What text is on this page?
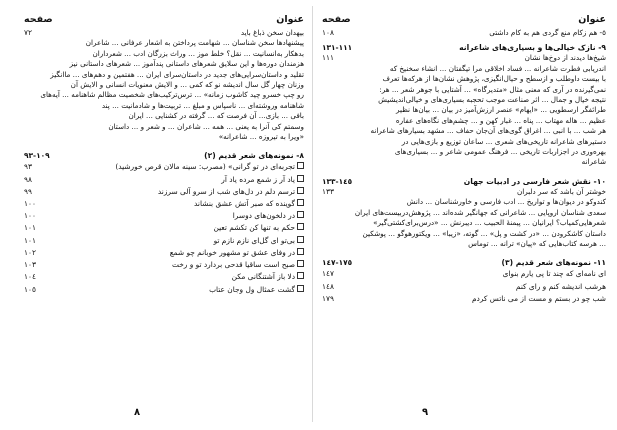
عنوان
صفحه
بیهدان سخن ذباغ باید
٧٢
پیشنهادها سخن شناسان ... شهامت پرداختن به اشعار عرفانی ... شاعران
بدهکار به‌انسانیت ... نقل؟ خلط موز ... وراث بزرگان ادب ... شعرداران
هزمندان دوره‌ها و این سلایق شعرهای داستانی پندآموز ... شعرهای داستانی نیز
تقلید و داستان‌سرایی‌های جدید در داستان‌سرای ایران ... هفتمین و دهم‌های ... ما‌انگیز
وزنان چهار گل سال اندیشه نو که کمی ... و الایش معنویات انسانی و الایش آن
رو چپ خسرو چید کاشوب زمانه» ... ترس‌ترکیب‌های شخصیت مظالم شاهنامه ... آیه‌های
شاهنامه وروشته‌ای ... ناسپاس و مبلغ ... تربیت‌ها و شادمانیت ... پند
بافی ... بازی... آن فرصت که ... گرفته در کشنایی ... ایران
وسمتم کی آنرا به یعنی ... همه ... شاعران ... و شعر و ... داستان
«ویرا به تیروزه ... شاعرانه»
٨- نمونه‌های شعر قدیم (٢)
١٠٩-٩٣
تجربه‌ای در تو گرانی» (مصرب: سینه مالان قرص خورشید)
٩٣
یاد آر ز شمع مرده یاد آر
٩٨
ترسم دلم در دل‌های شب از سرو آلی سرزند
٩٩
گوینده که صبر آتش عشق بنشاند
١٠٠
در دلخون‌های دوسرا
١٠٠
حکم به تنها کن تکشم تعین
١٠١
بی‌تو ای گل‌ای نازم نازم تو
١٠١
در وفای عشق تو مشهور خوبانم چو شمع
١٠٢
صبح است ساقیا قدحی بردارد تو و رخت
١٠٣
دلا باز آشتنگانی مکن
١٠٤
گشت عمثال ول وجان عتاب
١٠٥
٨
عنوان
صفحه
٥- هم زکام منع گردی هم به کام داشتی
١٠٨
٩- نازک خیالی‌ها و بسیاری‌های شاعرانه
١١١-١٣١
شیخ‌ها دیدند از دوخ‌ها نشان
١١١
اندریابی فطرت شاعرانه ... فساد اخلاقی مرا تیگفتان ... انشاء سخنیخ که
با بیست داوطلب و ازسطح و حیال‌انگیزی، پژوهش نشان‌ها از هرکه‌ها تعرف
نمی‌گیرنده در آری که معنی مثال «متدیرگاه» ... آشتایی با جوهر شعر ... هر:
نتیجه خیال و جمال ... اثر صناعت موجب تحجبه بسیاری‌های و خیالی‌اندیشیش
طرائفگر ارسطویی ... «ایهام» عنصر ارزش‌آمیز در بیان ... بیان‌ها نظیر
عظیم ... هاله مهتاب ... پناه ... غبار کهن و ... چشم‌های نگاه‌های عفاره
هر شب ... با انبی ... اغراق گوی‌های آن‌جان حفاف ... مشهد بسیار‌های شاعرانه
دستیرهای شاعرانه تاریخی‌های شعری ... ساعان توزیع و بازی‌هایی در
بهره‌وری در اجزاربات تاریخی ... فرهنگ عمومی شاعر و ... بسیاری‌های
شاعرانه
١٠- نقش شعر فارسی در ادبیات جهان
١٤٥-١٣٣
خوشتر آن باشد که سر دلبران
١٣٣
کندوکو در دیوان‌ها و تواریخ ... ادب فارسی و خاورشناسان ... دانش
سعدی شناسان اروپایی ... شاعرانی که جهانگیر شده‌اند ... پژوهش‌دربیست‌های ایران
شعرهایی‌کمیاب؟ ایرانیان ... پیمنهٔ الحبیب ... دیبرنش ... «درس‌برای‌کشتی‌گیر»
داستان کاشکرودن ... «در کشت و پل» ... گوته، «زیبا» ... ویکتورهوگو ... پوشکین
... هرسه کتاب‌هایی که «پیان» ترانه ... توماس
١١- نمونه‌های شعر قدیم (٣)
١٧٥-١٤٧
ای نامه‌ای که چند تا پی یارم بنوای
١٤٧
هرشب اندیشه کنم و رای کنم
١٤٨
شب چو در بستم و مست از می ناتس کردم
١٧٩
٩
